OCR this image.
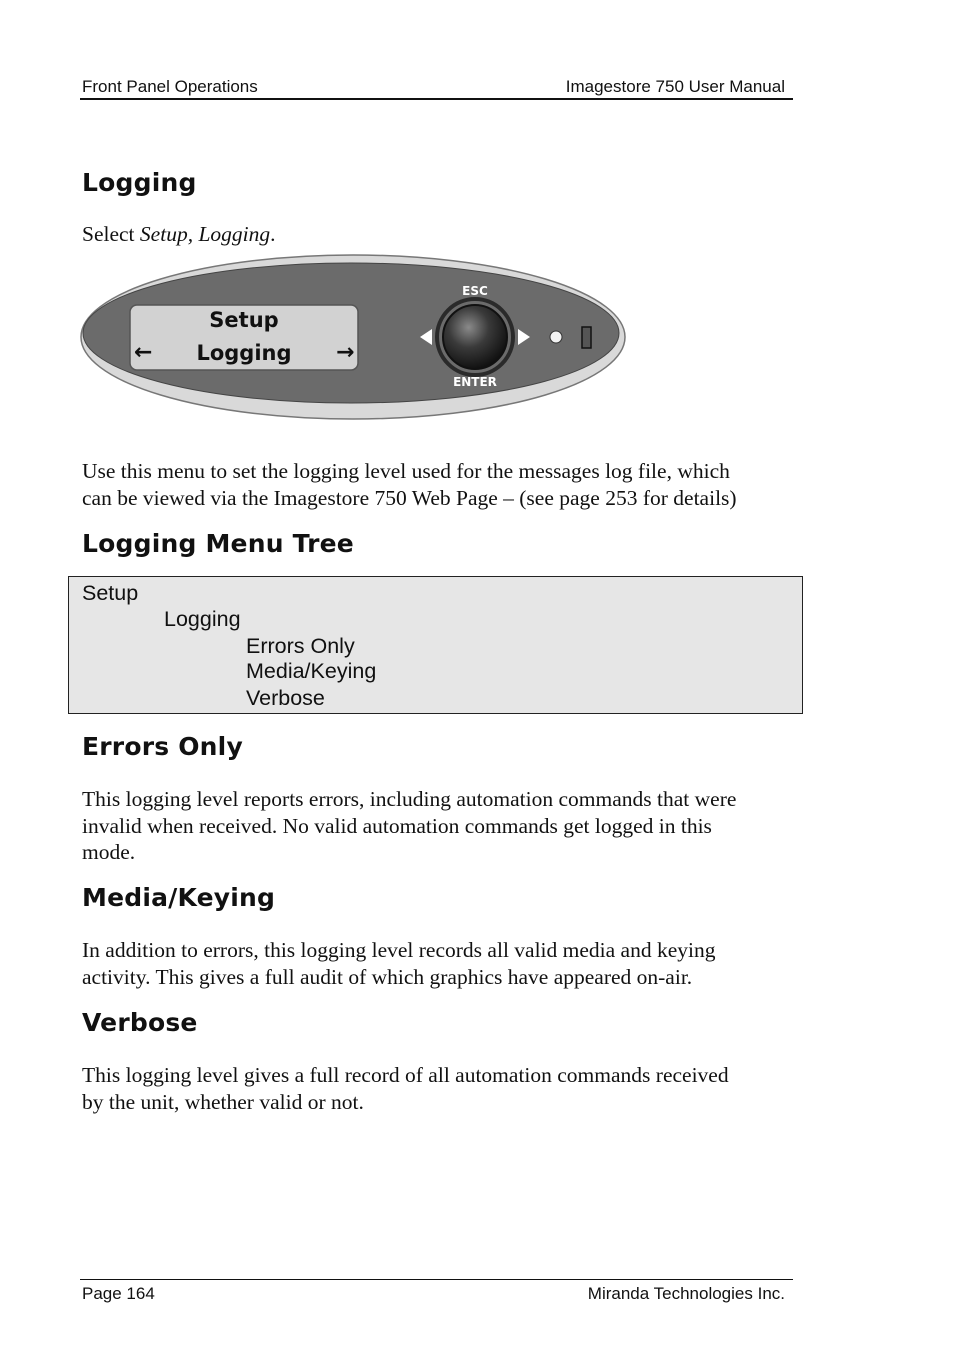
Front Panel Operations	Imagestore 750 User Manual
Logging

Select Setup, Logging.

Setup
Logging
←	→
ESC
ENTER

Use this menu to set the logging level used for the messages log file, which
can be viewed via the Imagestore 750 Web Page – (see page 253 for details)

Logging Menu Tree
Setup
Logging
Errors Only
Media/Keying
Verbose
Errors Only

This logging level reports errors, including automation commands that were
invalid when received. No valid automation commands get logged in this
mode.

Media/Keying

In addition to errors, this logging level records all valid media and keying
activity. This gives a full audit of which graphics have appeared on-air.

Verbose

This logging level gives a full record of all automation commands received
by the unit, whether valid or not.

Page 164	Miranda Technologies Inc.
